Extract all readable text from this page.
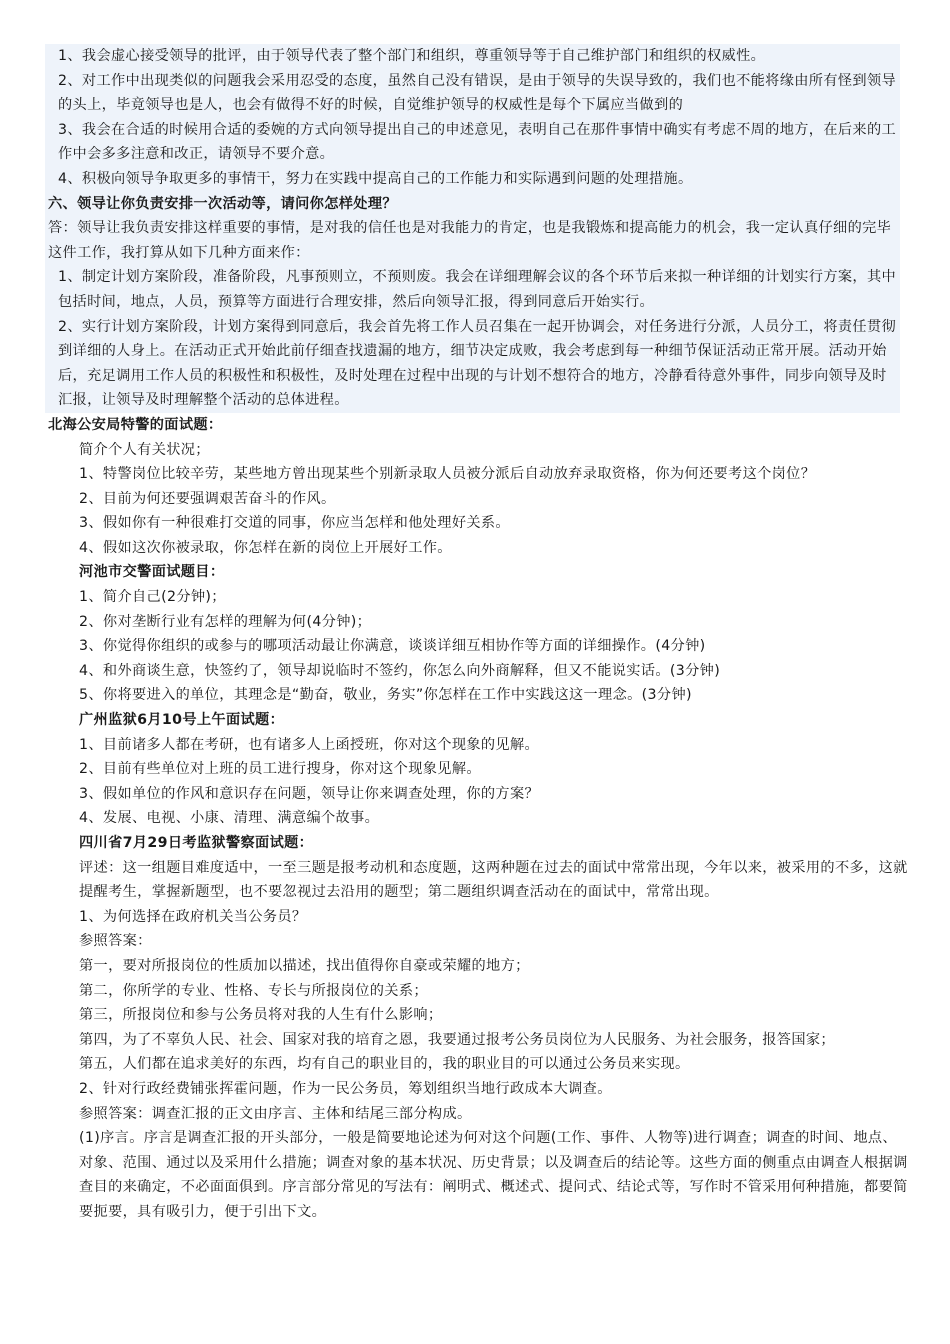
1、我会虚心接受领导的批评，由于领导代表了整个部门和组织，尊重领导等于自己维护部门和组织的权威性。

2、对工作中出现类似的问题我会采用忍受的态度，虽然自己没有错误，是由于领导的失误导致的，我们也不能将缘由所有怪到领导的头上，毕竟领导也是人，也会有做得不好的时候，自觉维护领导的权威性是每个下属应当做到的

3、我会在合适的时候用合适的委婉的方式向领导提出自己的申述意见，表明自己在那件事情中确实有考虑不周的地方，在后来的工作中会多多注意和改正，请领导不要介意。

4、积极向领导争取更多的事情干，努力在实践中提高自己的工作能力和实际遇到问题的处理措施。

六、领导让你负责安排一次活动等，请问你怎样处理？

答：领导让我负责安排这样重要的事情，是对我的信任也是对我能力的肯定，也是我锻炼和提高能力的机会，我一定认真仔细的完毕这件工作，我打算从如下几种方面来作：

1、制定计划方案阶段，准备阶段，凡事预则立，不预则废。我会在详细理解会议的各个环节后来拟一种详细的计划实行方案，其中包括时间，地点，人员，预算等方面进行合理安排，然后向领导汇报，得到同意后开始实行。

2、实行计划方案阶段，计划方案得到同意后，我会首先将工作人员召集在一起开协调会，对任务进行分派，人员分工，将责任贯彻到详细的人身上。在活动正式开始此前仔细查找遗漏的地方，细节决定成败，我会考虑到每一种细节保证活动正常开展。活动开始后，充足调用工作人员的积极性和积极性，及时处理在过程中出现的与计划不想符合的地方，冷静看待意外事件，同步向领导及时汇报，让领导及时理解整个活动的总体进程。

北海公安局特警的面试题：

简介个人有关状况；

1、特警岗位比较辛劳，某些地方曾出现某些个别新录取人员被分派后自动放弃录取资格，你为何还要考这个岗位？

2、目前为何还要强调艰苦奋斗的作风。

3、假如你有一种很难打交道的同事，你应当怎样和他处理好关系。

4、假如这次你被录取，你怎样在新的岗位上开展好工作。

河池市交警面试题目：

1、简介自己(2分钟)；

2、你对垄断行业有怎样的理解为何(4分钟)；

3、你觉得你组织的或参与的哪项活动最让你满意，谈谈详细互相协作等方面的详细操作。(4分钟)

4、和外商谈生意，快签约了，领导却说临时不签约，你怎么向外商解释，但又不能说实话。(3分钟)

5、你将要进入的单位，其理念是“勤奋，敬业，务实”你怎样在工作中实践这这一理念。(3分钟)

广州监狱6月10号上午面试题：

1、目前诸多人都在考研，也有诸多人上函授班，你对这个现象的见解。

2、目前有些单位对上班的员工进行搜身，你对这个现象见解。

3、假如单位的作风和意识存在问题，领导让你来调查处理，你的方案？

4、发展、电视、小康、清理、满意编个故事。

四川省7月29日考监狱警察面试题：

评述：这一组题目难度适中，一至三题是报考动机和态度题，这两种题在过去的面试中常常出现，今年以来，被采用的不多，这就提醒考生，掌握新题型，也不要忽视过去沿用的题型；第二题组织调查活动在的面试中，常常出现。

1、为何选择在政府机关当公务员？

参照答案：

第一，要对所报岗位的性质加以描述，找出值得你自豪或荣耀的地方；

第二，你所学的专业、性格、专长与所报岗位的关系；

第三，所报岗位和参与公务员将对我的人生有什么影响；

第四，为了不辜负人民、社会、国家对我的培育之恩，我要通过报考公务员岗位为人民服务、为社会服务，报答国家；

第五，人们都在追求美好的东西，均有自己的职业目的，我的职业目的可以通过公务员来实现。

2、针对行政经费铺张挥霍问题，作为一民公务员，筹划组织当地行政成本大调查。

参照答案：调查汇报的正文由序言、主体和结尾三部分构成。

(1)序言。序言是调查汇报的开头部分，一般是简要地论述为何对这个问题(工作、事件、人物等)进行调查；调查的时间、地点、对象、范围、通过以及采用什么措施；调查对象的基本状况、历史背景；以及调查后的结论等。这些方面的侧重点由调查人根据调查目的来确定，不必面面俱到。序言部分常见的写法有：阐明式、概述式、提问式、结论式等，写作时不管采用何种措施，都要简要扼要，具有吸引力，便于引出下文。
